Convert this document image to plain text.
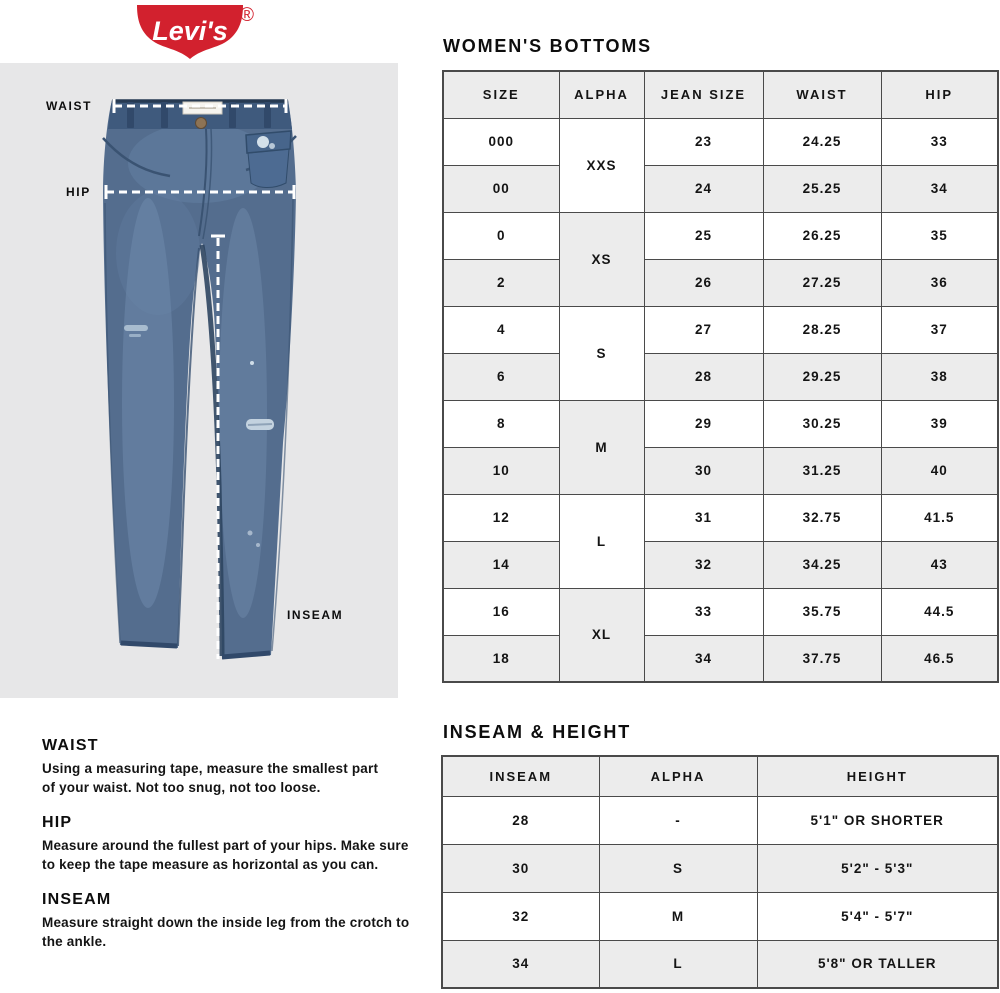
Levi's
®
WAIST
HIP
INSEAM
WOMEN'S BOTTOMS
SIZE	ALPHA	JEAN SIZE	WAIST	HIP
000	XXS	23	24.25	33
00		24	25.25	34
0	XS	25	26.25	35
2		26	27.25	36
4	S	27	28.25	37
6		28	29.25	38
8	M	29	30.25	39
10		30	31.25	40
12	L	31	32.75	41.5
14		32	34.25	43
16	XL	33	35.75	44.5
18		34	37.75	46.5
WAIST
Using a measuring tape, measure the smallest part
of your waist. Not too snug, not too loose.
HIP
Measure around the fullest part of your hips. Make sure
to keep the tape measure as horizontal as you can.
INSEAM
Measure straight down the inside leg from the crotch to
the ankle.
INSEAM & HEIGHT
INSEAM	ALPHA	HEIGHT
28	-	5'1" OR SHORTER
30	S	5'2" - 5'3"
32	M	5'4" - 5'7"
34	L	5'8" OR TALLER
